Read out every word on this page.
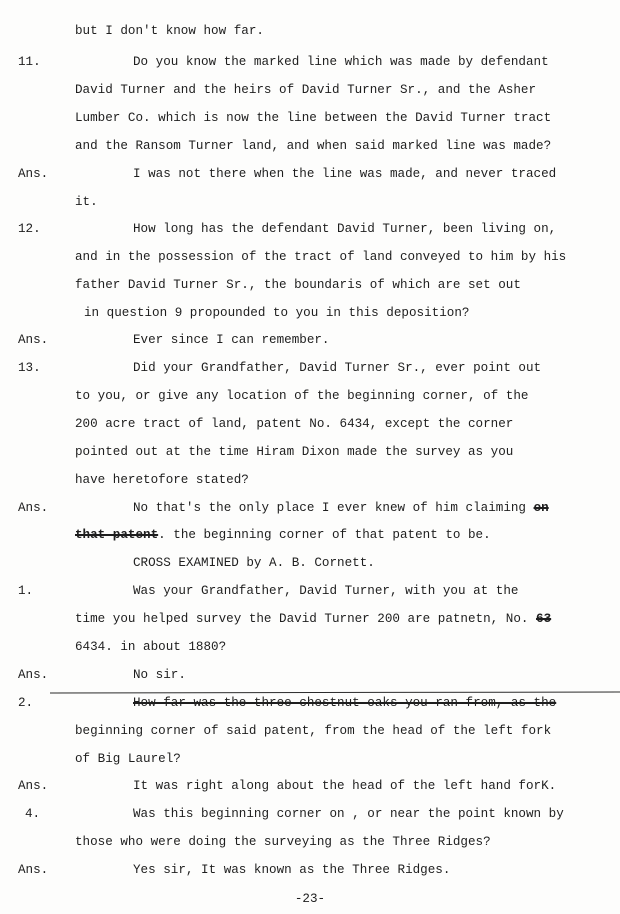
but I don't know how far.
11.	Do you know the marked line which was made by defendant
David Turner and the heirs of David Turner Sr., and the Asher
Lumber Co. which is now the line between the David Turner tract
and the Ransom Turner land, and when said marked line was made?
Ans.	I was not there when the line was made, and never traced
it.
12.	How long has the defendant David Turner, been living on,
and in the possession of the tract of land conveyed to him by his
father David Turner Sr., the boundaris of which are set out
in question 9 propounded to you in this deposition?
Ans.	Ever since I can remember.
13.	Did your Grandfather, David Turner Sr., ever point out
to you, or give any location of the beginning corner, of the
200 acre tract of land, patent No. 6434, except the corner
pointed out at the time Hiram Dixon made the survey as you
have heretofore stated?
Ans.	No that's the only place I ever knew of him claiming on
that patent. the beginning corner of that patent to be.
CROSS EXAMINED by A. B. Cornett.
1.	Was your Grandfather, David Turner, with you at the
time you helped survey the David Turner 200 are patnetn, No. 63
6434. in about 1880?
Ans.	No sir.
2.	How far was the three chestnut oaks you ran from, as the
beginning corner of said patent, from the head of the left fork
of Big Laurel?
Ans.	It was right along about the head of the left hand forK.
4.	Was this beginning corner on , or near the point known by
those who were doing the surveying as the Three Ridges?
Ans.	Yes sir, It was known as the Three Ridges.
-23-
